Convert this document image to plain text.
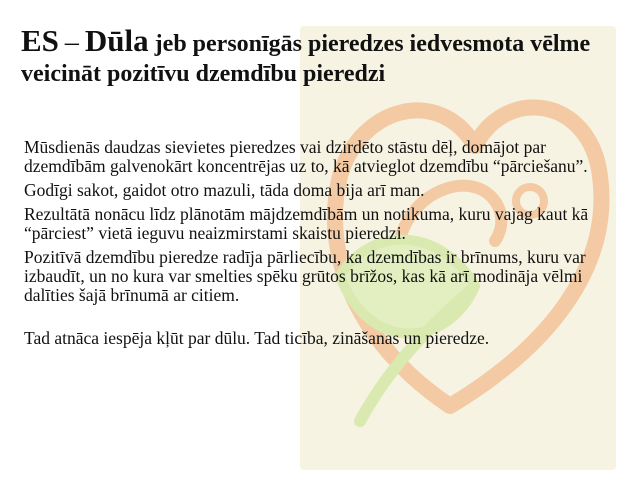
ES – Dūla jeb personīgās pieredzes iedvesmota vēlme veicināt pozitīvu dzemdību pieredzi

Mūsdienās daudzas sievietes pieredzes vai dzirdēto stāstu dēļ, domājot par dzemdībām galvenokārt koncentrējas uz to, kā atvieglot dzemdību “pārciešanu”.

Godīgi sakot, gaidot otro mazuli, tāda doma bija arī man.

Rezultātā nonācu līdz plānotām mājdzemdībām un notikuma, kuru vajag kaut kā “pārciest” vietā ieguvu neaizmirstami skaistu pieredzi.

Pozitīvā dzemdību pieredze radīja pārliecību, ka dzemdības ir brīnums, kuru var izbaudīt, un no kura var smelties spēku grūtos brīžos, kas kā arī modināja vēlmi dalīties šajā brīnumā ar citiem.

Tad atnāca iespēja kļūt par dūlu. Tad ticība, zināšanas un pieredze.
